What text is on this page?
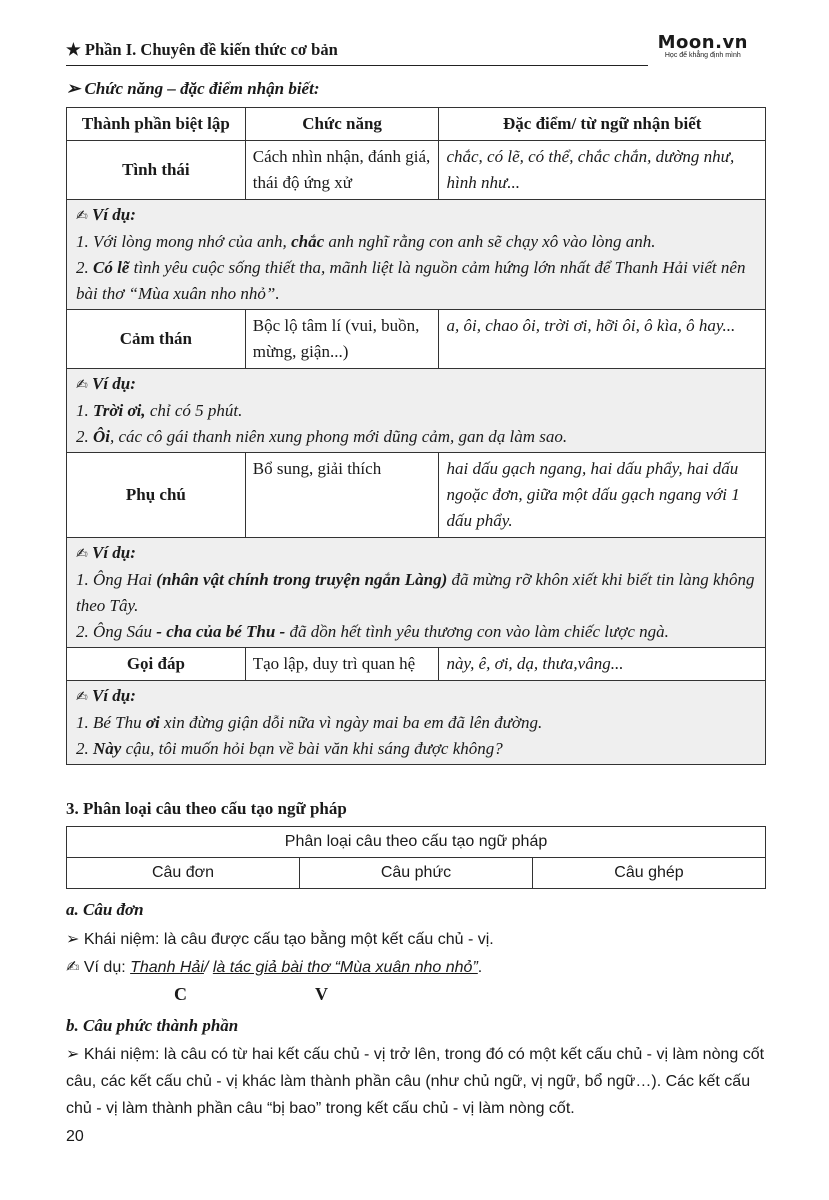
★ Phần I. Chuyên đề kiến thức cơ bản	Moon.vn
Học để khẳng định mình
➢ Chức năng – đặc điểm nhận biết:
Thành phần biệt lập	Chức năng	Đặc điểm/ từ ngữ nhận biết
Tình thái	Cách nhìn nhận, đánh giá, thái độ ứng xử	chắc, có lẽ, có thể, chắc chắn, dường như, hình như...

✍ Ví dụ:
1. Với lòng mong nhớ của anh, chắc anh nghĩ rằng con anh sẽ chạy xô vào lòng anh.
2. Có lẽ tình yêu cuộc sống thiết tha, mãnh liệt là nguồn cảm hứng lớn nhất để Thanh Hải viết nên bài thơ “Mùa xuân nho nhỏ”.		

Cảm thán	Bộc lộ tâm lí (vui, buồn, mừng, giận...)	a, ôi, chao ôi, trời ơi, hỡi ôi, ô kìa, ô hay...

✍ Ví dụ:
1. Trời ơi, chỉ có 5 phút.
2. Ôi, các cô gái thanh niên xung phong mới dũng cảm, gan dạ làm sao.		

Phụ chú	Bổ sung, giải thích	hai dấu gạch ngang, hai dấu phẩy, hai dấu ngoặc đơn, giữa một dấu gạch ngang với 1 dấu phẩy.

✍ Ví dụ:
1. Ông Hai (nhân vật chính trong truyện ngắn Làng) đã mừng rỡ khôn xiết khi biết tin làng không theo Tây.
2. Ông Sáu - cha của bé Thu - đã dồn hết tình yêu thương con vào làm chiếc lược ngà.		

Gọi đáp	Tạo lập, duy trì quan hệ	này, ê, ơi, dạ, thưa,vâng...

✍ Ví dụ:
1. Bé Thu ơi xin đừng giận dỗi nữa vì ngày mai ba em đã lên đường.
2. Này cậu, tôi muốn hỏi bạn về bài văn khi sáng được không?		
3. Phân loại câu theo cấu tạo ngữ pháp
Phân loại câu theo cấu tạo ngữ pháp
Câu đơn	Câu phức	Câu ghép
a. Câu đơn
➢ Khái niệm: là câu được cấu tạo bằng một kết cấu chủ - vị.
✍ Ví dụ: Thanh Hải/ là tác giả bài thơ “Mùa xuân nho nhỏ”.
C	V
b. Câu phức thành phần
➢ Khái niệm: là câu có từ hai kết cấu chủ - vị trở lên, trong đó có một kết cấu chủ - vị làm nòng cốt câu, các kết cấu chủ - vị khác làm thành phần câu (như chủ ngữ, vị ngữ, bổ ngữ…). Các kết cấu chủ - vị làm thành phần câu “bị bao” trong kết cấu chủ - vị làm nòng cốt.
20
